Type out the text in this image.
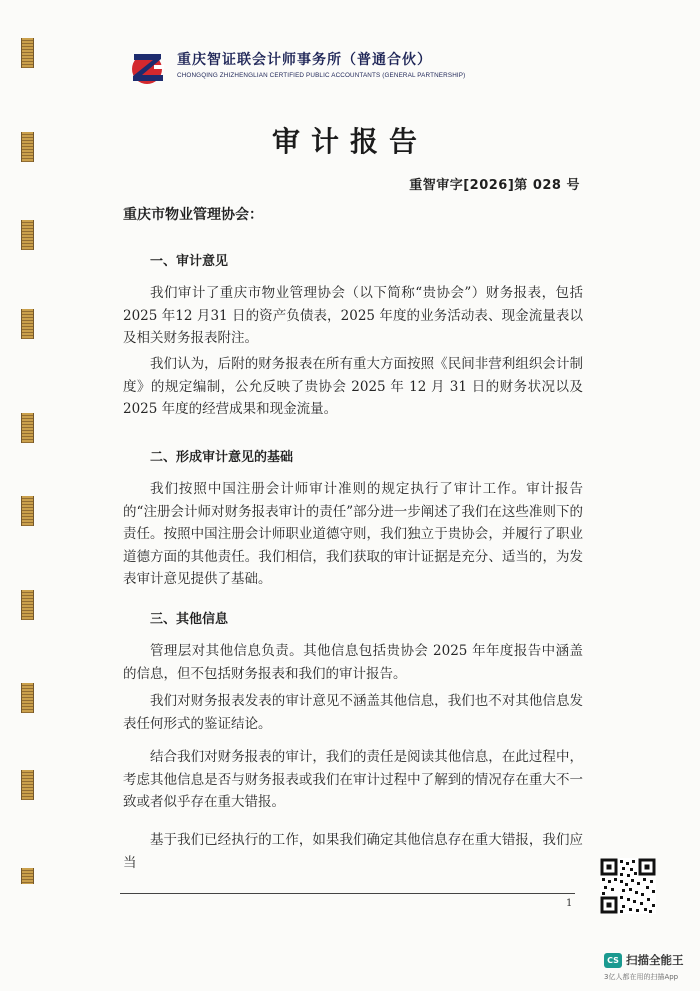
重庆智证联会计师事务所（普通合伙）
CHONGQING ZHIZHENGLIAN CERTIFIED PUBLIC ACCOUNTANTS (GENERAL PARTNERSHIP)
审计报告
重智审字[2026]第 028 号
重庆市物业管理协会：
一、审计意见

我们审计了重庆市物业管理协会（以下简称“贵协会”）财务报表，包括2025 年12 月31 日的资产负债表，2025 年度的业务活动表、现金流量表以及相关财务报表附注。

我们认为，后附的财务报表在所有重大方面按照《民间非营利组织会计制度》的规定编制，公允反映了贵协会 2025 年 12 月 31 日的财务状况以及 2025 年度的经营成果和现金流量。

二、形成审计意见的基础

我们按照中国注册会计师审计准则的规定执行了审计工作。审计报告的“注册会计师对财务报表审计的责任”部分进一步阐述了我们在这些准则下的责任。按照中国注册会计师职业道德守则，我们独立于贵协会，并履行了职业道德方面的其他责任。我们相信，我们获取的审计证据是充分、适当的，为发表审计意见提供了基础。

三、其他信息

管理层对其他信息负责。其他信息包括贵协会 2025 年年度报告中涵盖的信息，但不包括财务报表和我们的审计报告。

我们对财务报表发表的审计意见不涵盖其他信息，我们也不对其他信息发表任何形式的鉴证结论。

结合我们对财务报表的审计，我们的责任是阅读其他信息，在此过程中，考虑其他信息是否与财务报表或我们在审计过程中了解到的情况存在重大不一致或者似乎存在重大错报。

基于我们已经执行的工作，如果我们确定其他信息存在重大错报，我们应当

1
CS 扫描全能王
3亿人都在用的扫描App
